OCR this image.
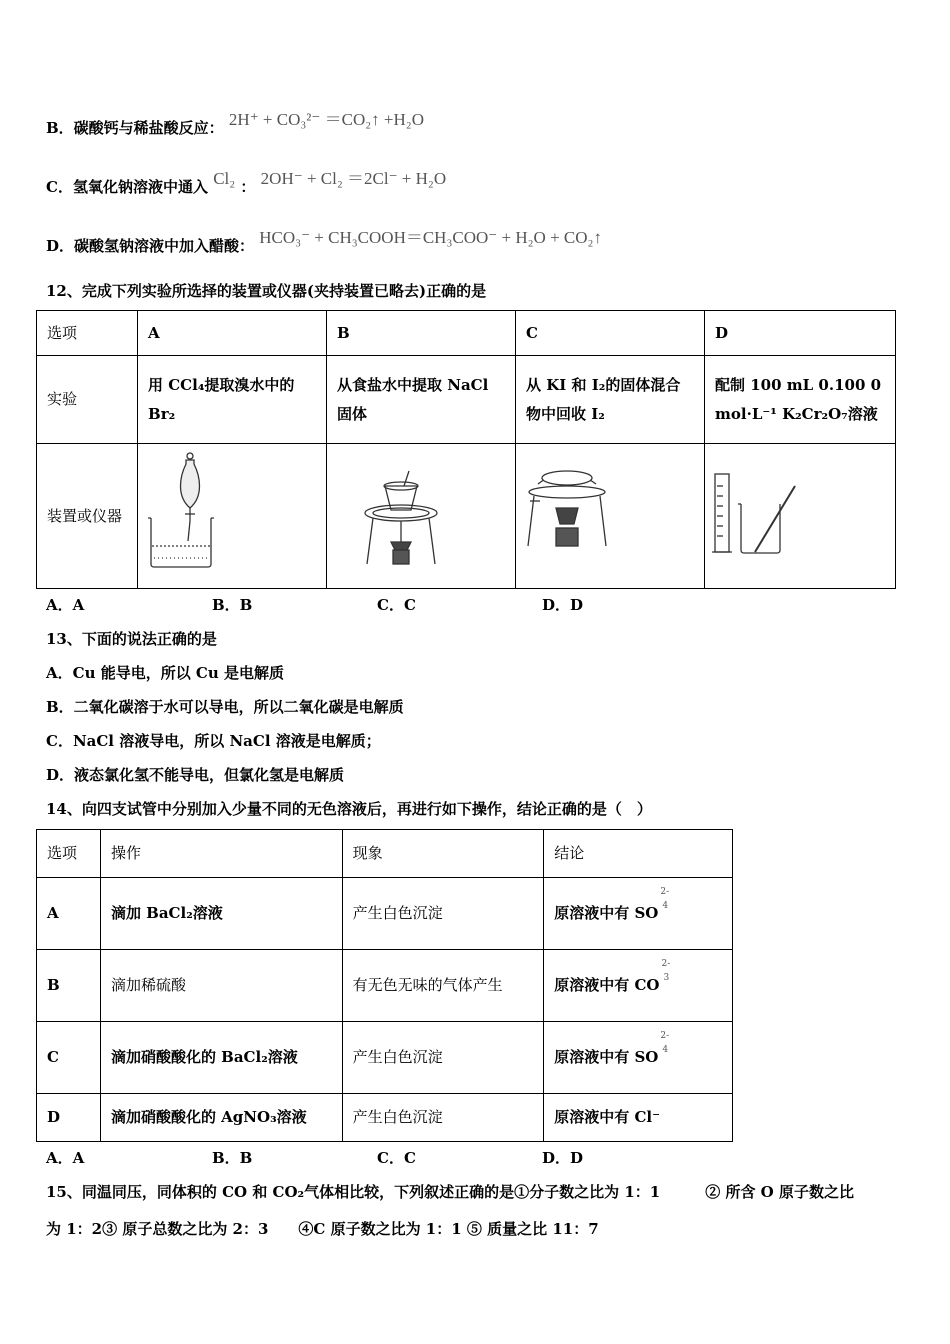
B．碳酸钙与稀盐酸反应： 2H⁺ + CO₃²⁻ ＝CO₂↑ +H₂O
C．氢氧化钠溶液中通入 Cl₂ ： 2OH⁻ + Cl₂ ＝2Cl⁻ + H₂O
D．碳酸氢钠溶液中加入醋酸： HCO₃⁻ + CH₃COOH＝CH₃COO⁻ + H₂O + CO₂↑
12、完成下列实验所选择的装置或仪器(夹持装置已略去)正确的是
选项	A	B	C	D
实验	用 CCl₄提取溴水中的 Br₂	从食盐水中提取 NaCl 固体	从 KI 和 I₂的固体混合物中回收 I₂	配制 100 mL 0.100 0 mol·L⁻¹ K₂Cr₂O₇溶液
装置或仪器	

A．A	B．B	C．C	D．D
13、下面的说法正确的是
A．Cu 能导电，所以 Cu 是电解质
B．二氧化碳溶于水可以导电，所以二氧化碳是电解质
C．NaCl 溶液导电，所以 NaCl 溶液是电解质；
D．液态氯化氢不能导电，但氯化氢是电解质
14、向四支试管中分别加入少量不同的无色溶液后，再进行如下操作，结论正确的是（　）
选项	操作	现象	结论
A	滴加 BaCl₂溶液	产生白色沉淀	原溶液中有 SO
2-
4

B	滴加稀硫酸	有无色无味的气体产生	原溶液中有 CO
2-
3

C	滴加硝酸酸化的 BaCl₂溶液	产生白色沉淀	原溶液中有 SO
2-
4

D	滴加硝酸酸化的 AgNO₃溶液	产生白色沉淀	原溶液中有 Cl⁻
A．A	B．B	C．C	D．D
15、同温同压，同体积的 CO 和 CO₂气体相比较，下列叙述正确的是①分子数之比为 1：1　　　② 所含 O 原子数之比
为 1：2③ 原子总数之比为 2：3　　④C 原子数之比为 1：1 ⑤ 质量之比 11：7
